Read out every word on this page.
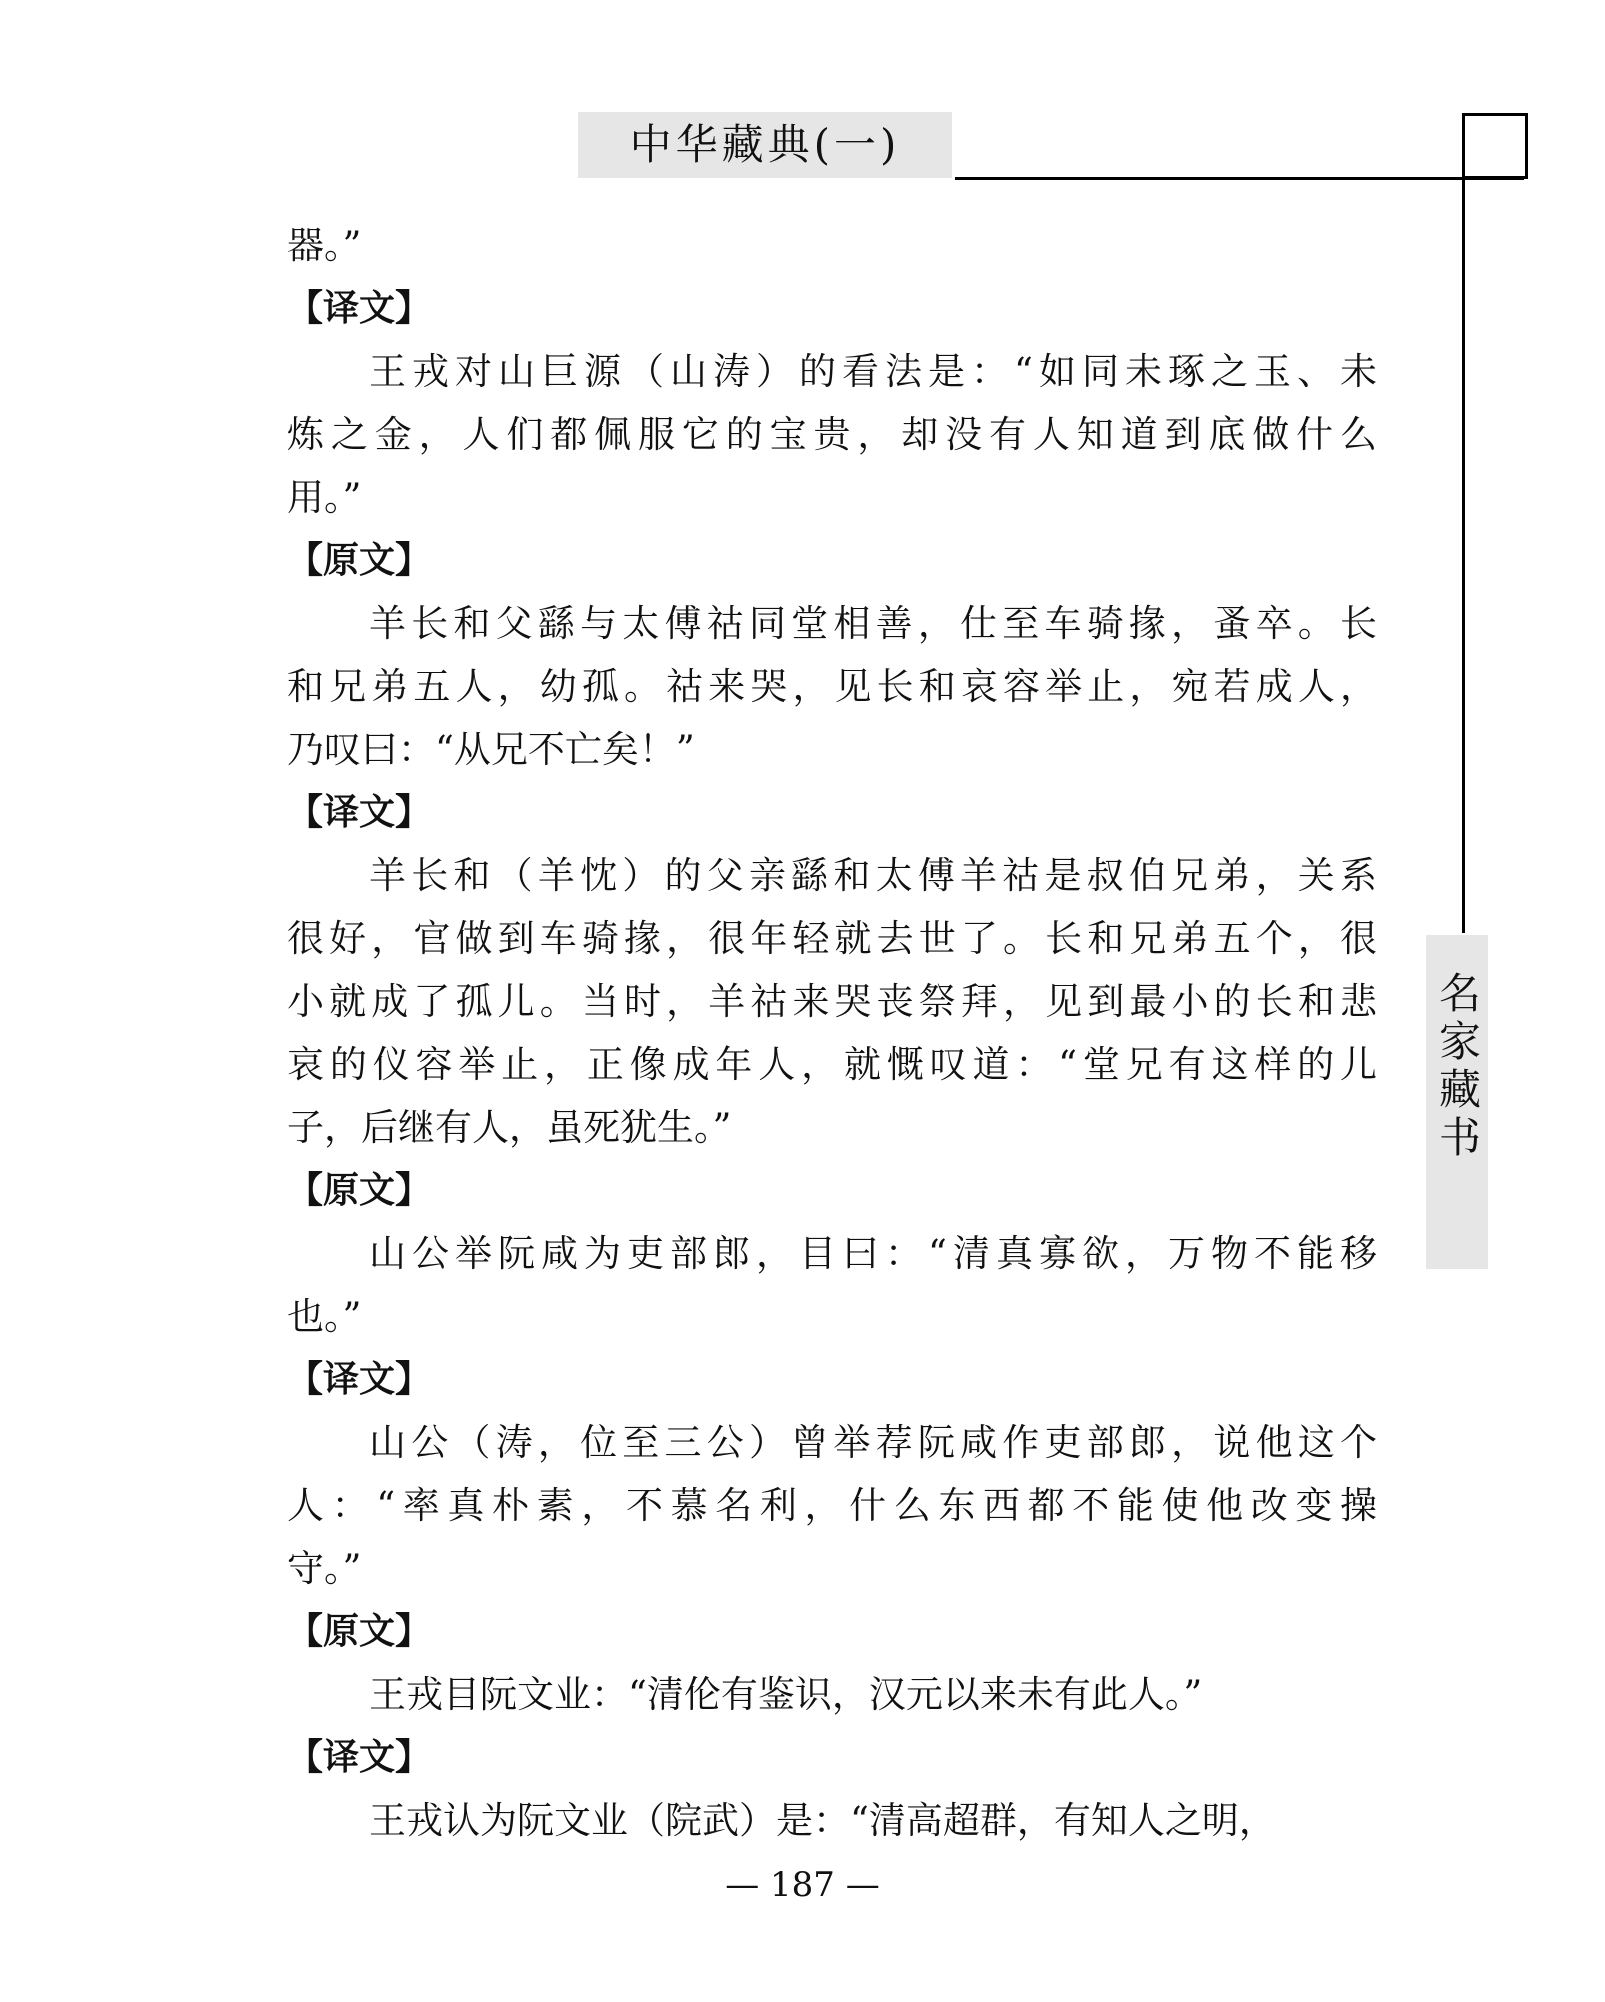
中华藏典(一)
名家藏书
器。”
【译文】
王戎对山巨源（山涛）的看法是：“如同未琢之玉、未
炼之金，人们都佩服它的宝贵，却没有人知道到底做什么
用。”
【原文】
羊长和父繇与太傅祜同堂相善，仕至车骑掾，蚤卒。长
和兄弟五人，幼孤。祜来哭，见长和哀容举止，宛若成人，
乃叹曰：“从兄不亡矣！”
【译文】
羊长和（羊忱）的父亲繇和太傅羊祜是叔伯兄弟，关系
很好，官做到车骑掾，很年轻就去世了。长和兄弟五个，很
小就成了孤儿。当时，羊祜来哭丧祭拜，见到最小的长和悲
哀的仪容举止，正像成年人，就慨叹道：“堂兄有这样的儿
子，后继有人，虽死犹生。”
【原文】
山公举阮咸为吏部郎，目曰：“清真寡欲，万物不能移
也。”
【译文】
山公（涛，位至三公）曾举荐阮咸作吏部郎，说他这个
人：“率真朴素，不慕名利，什么东西都不能使他改变操
守。”
【原文】
王戎目阮文业：“清伦有鉴识，汉元以来未有此人。”
【译文】
王戎认为阮文业（院武）是：“清高超群，有知人之明，
— 187 —
